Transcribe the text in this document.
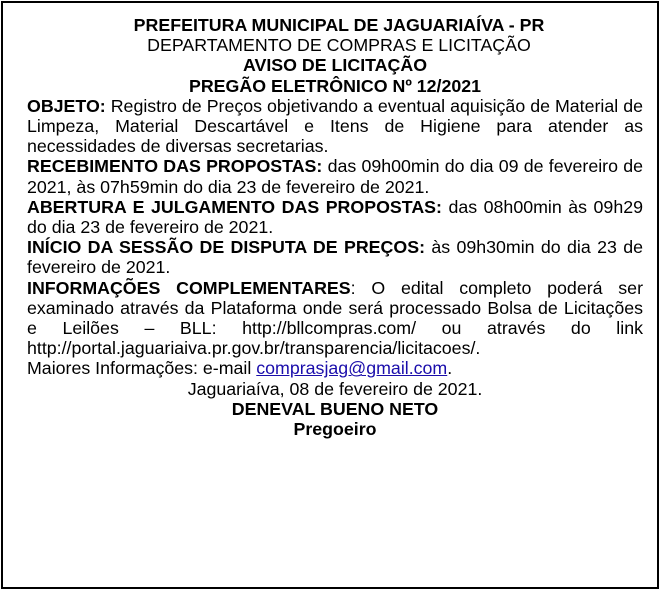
PREFEITURA MUNICIPAL DE JAGUARIAÍVA - PR

DEPARTAMENTO DE COMPRAS E LICITAÇÃO

AVISO DE LICITAÇÃO

PREGÃO ELETRÔNICO Nº 12/2021

OBJETO: Registro de Preços objetivando a eventual aquisição de Material de Limpeza, Material Descartável e Itens de Higiene para atender as necessidades de diversas secretarias.

RECEBIMENTO DAS PROPOSTAS: das 09h00min do dia 09 de fevereiro de 2021, às 07h59min do dia 23 de fevereiro de 2021.

ABERTURA E JULGAMENTO DAS PROPOSTAS: das 08h00min às 09h29 do dia 23 de fevereiro de 2021.

INÍCIO DA SESSÃO DE DISPUTA DE PREÇOS: às 09h30min do dia 23 de fevereiro de 2021.

INFORMAÇÕES COMPLEMENTARES: O edital completo poderá ser examinado através da Plataforma onde será processado Bolsa de Licitações e Leilões – BLL: http://bllcompras.com/ ou através do link http://portal.jaguariaiva.pr.gov.br/transparencia/licitacoes/.

Maiores Informações: e-mail comprasjag@gmail.com.

Jaguariaíva, 08 de fevereiro de 2021.

DENEVAL BUENO NETO

Pregoeiro
